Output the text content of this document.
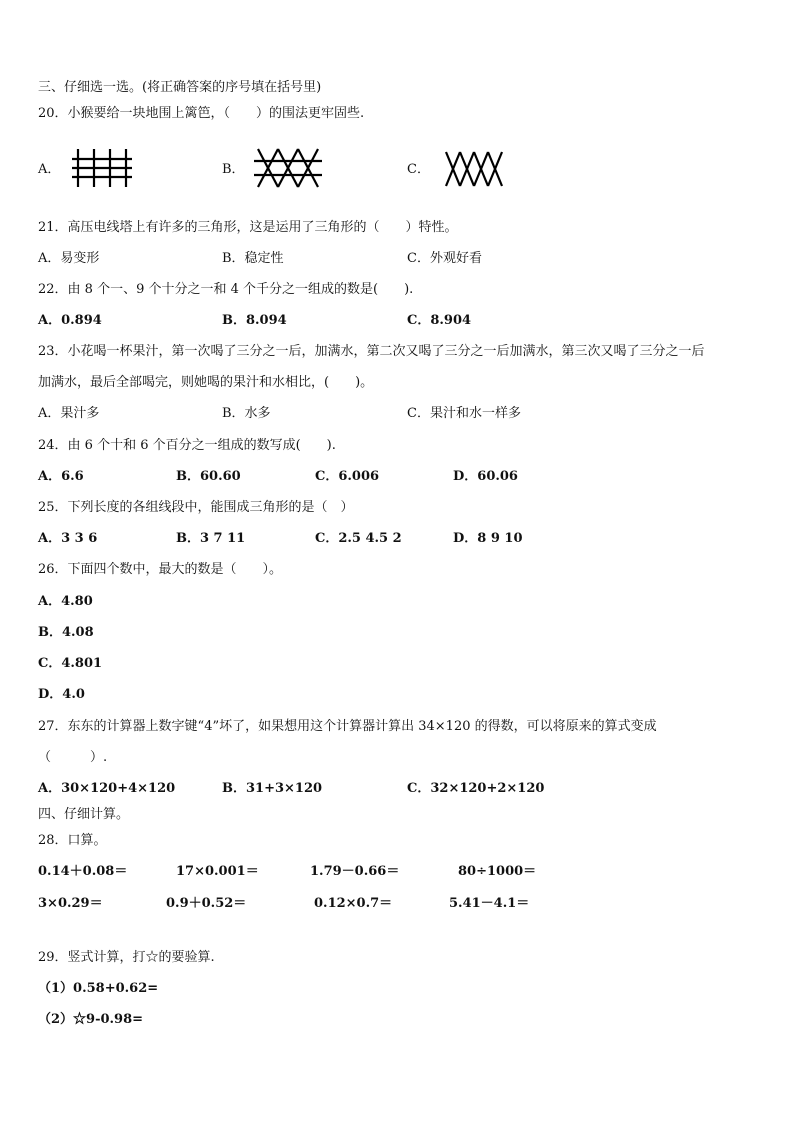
三、仔细选一选。(将正确答案的序号填在括号里)
20．小猴要给一块地围上篱笆，（　　）的围法更牢固些.
A．	B．	C．
21．高压电线塔上有许多的三角形，这是运用了三角形的（　　）特性。
A．易变形	B．稳定性	C．外观好看
22．由 8 个一、9 个十分之一和 4 个千分之一组成的数是(　　).
A．0.894	B．8.094	C．8.904
23．小花喝一杯果汁，第一次喝了三分之一后，加满水，第二次又喝了三分之一后加满水，第三次又喝了三分之一后
加满水，最后全部喝完，则她喝的果汁和水相比，(　　)。
A．果汁多	B．水多	C．果汁和水一样多
24．由 6 个十和 6 个百分之一组成的数写成(　　).
A．6.6	B．60.60	C．6.006	D．60.06
25．下列长度的各组线段中，能围成三角形的是（　）
A．3 3 6	B．3 7 11	C．2.5 4.5 2	D．8 9 10
26．下面四个数中，最大的数是（　　）。
A．4.80
B．4.08
C．4.801
D．4.0
27．东东的计算器上数字键“4”坏了，如果想用这个计算器计算出 34×120 的得数，可以将原来的算式变成
（　　　）.
A．30×120+4×120	B．31+3×120	C．32×120+2×120
四、仔细计算。
28．口算。
0.14＋0.08＝	17×0.001＝	1.79－0.66＝	80÷1000＝
3×0.29＝	0.9＋0.52＝	0.12×0.7＝	5.41－4.1＝
29．竖式计算，打☆的要验算.
（1）0.58+0.62=
（2）☆9-0.98=
